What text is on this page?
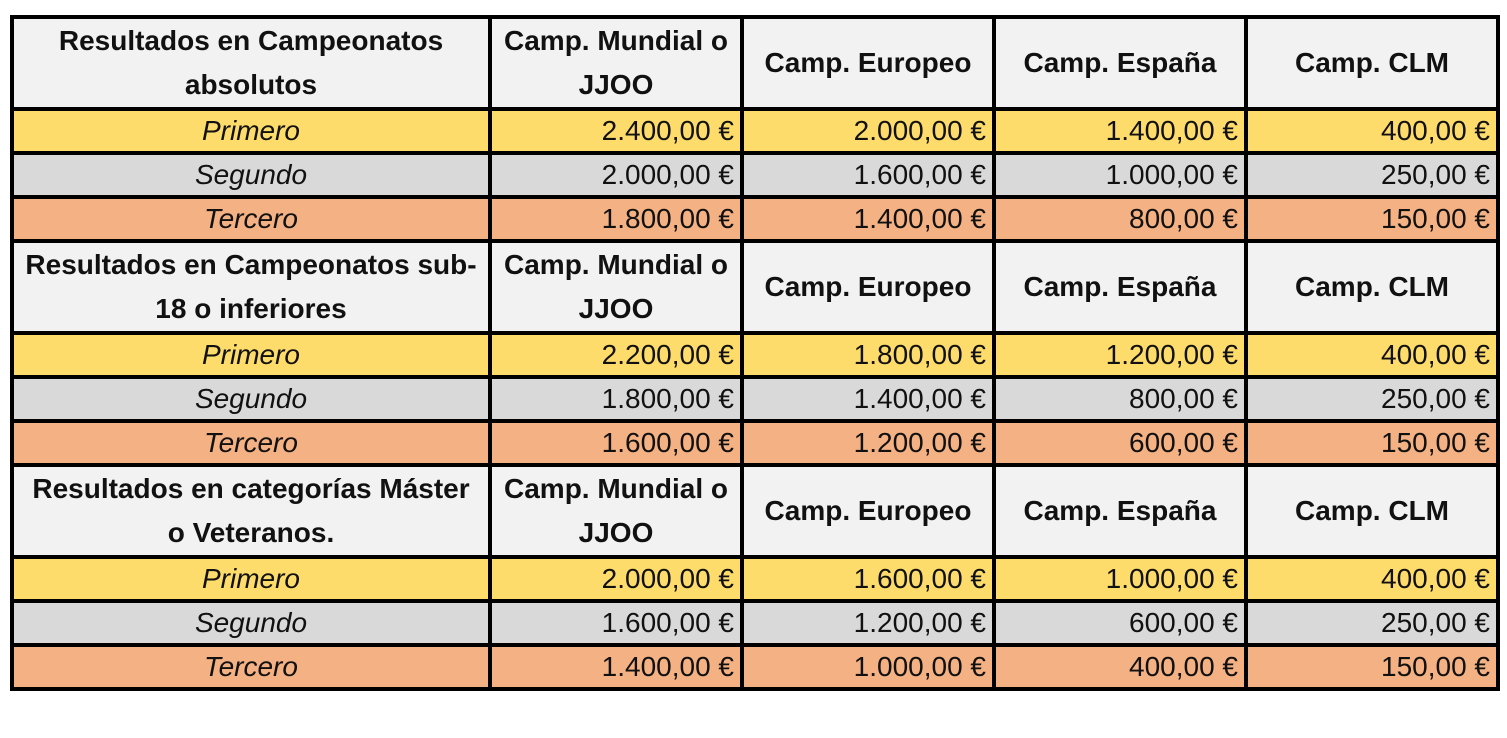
Resultados en Campeonatos absolutos	Camp. Mundial o JJOO	Camp. Europeo	Camp. España	Camp. CLM
Primero	2.400,00 €	2.000,00 €	1.400,00 €	400,00 €
Segundo	2.000,00 €	1.600,00 €	1.000,00 €	250,00 €
Tercero	1.800,00 €	1.400,00 €	800,00 €	150,00 €
Resultados en Campeonatos sub-18 o inferiores	Camp. Mundial o JJOO	Camp. Europeo	Camp. España	Camp. CLM
Primero	2.200,00 €	1.800,00 €	1.200,00 €	400,00 €
Segundo	1.800,00 €	1.400,00 €	800,00 €	250,00 €
Tercero	1.600,00 €	1.200,00 €	600,00 €	150,00 €
Resultados en categorías Máster o Veteranos.	Camp. Mundial o JJOO	Camp. Europeo	Camp. España	Camp. CLM
Primero	2.000,00 €	1.600,00 €	1.000,00 €	400,00 €
Segundo	1.600,00 €	1.200,00 €	600,00 €	250,00 €
Tercero	1.400,00 €	1.000,00 €	400,00 €	150,00 €
